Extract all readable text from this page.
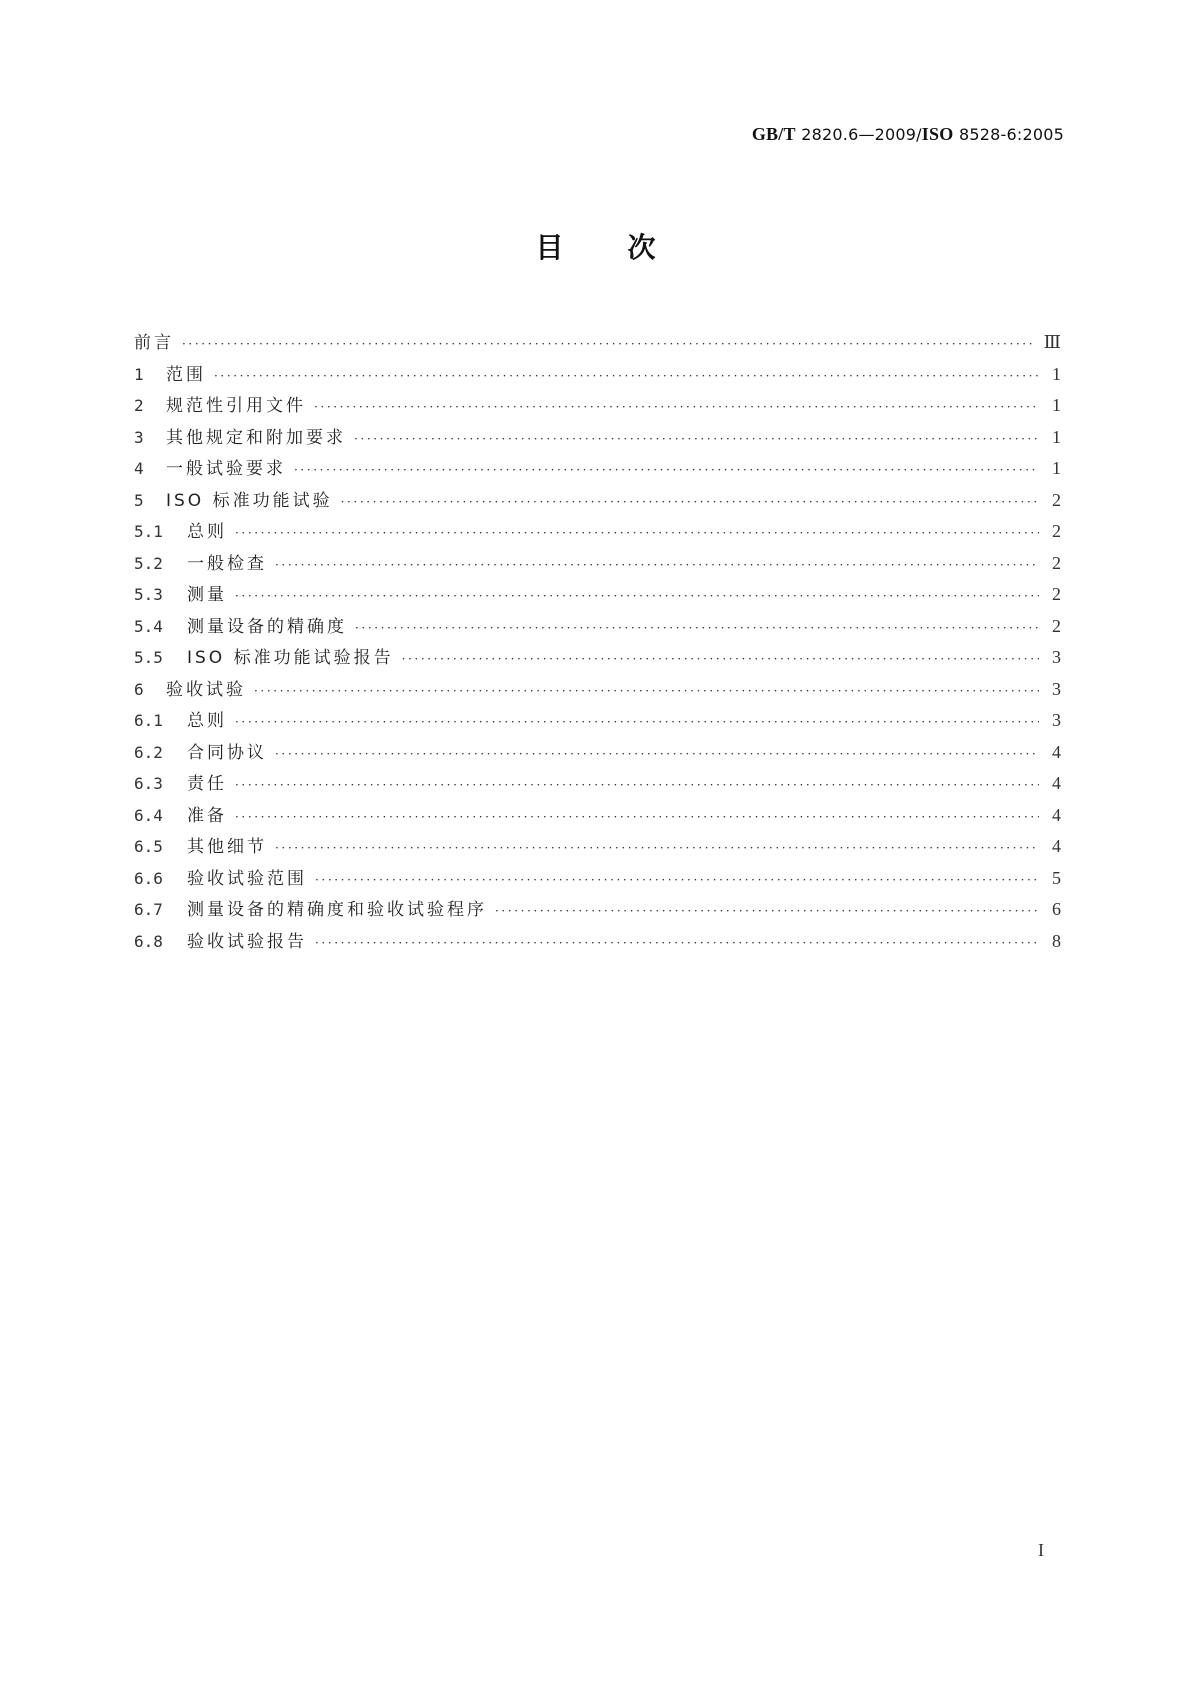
GB/T 2820.6—2009/ISO 8528-6:2005
目 次
前言 ·····	Ⅲ
1	范围 ·····	1
2	规范性引用文件 ·····	1
3	其他规定和附加要求 ·····	1
4	一般试验要求 ·····	1
5	ISO 标准功能试验 ·····	2
5.1	总则 ·····	2
5.2	一般检查 ·····	2
5.3	测量 ·····	2
5.4	测量设备的精确度 ·····	2
5.5	ISO 标准功能试验报告 ·····	3
6	验收试验 ·····	3
6.1	总则 ·····	3
6.2	合同协议 ·····	4
6.3	责任 ·····	4
6.4	准备 ·····	4
6.5	其他细节 ·····	4
6.6	验收试验范围 ·····	5
6.7	测量设备的精确度和验收试验程序 ·····	6
6.8	验收试验报告 ·····	8
I
